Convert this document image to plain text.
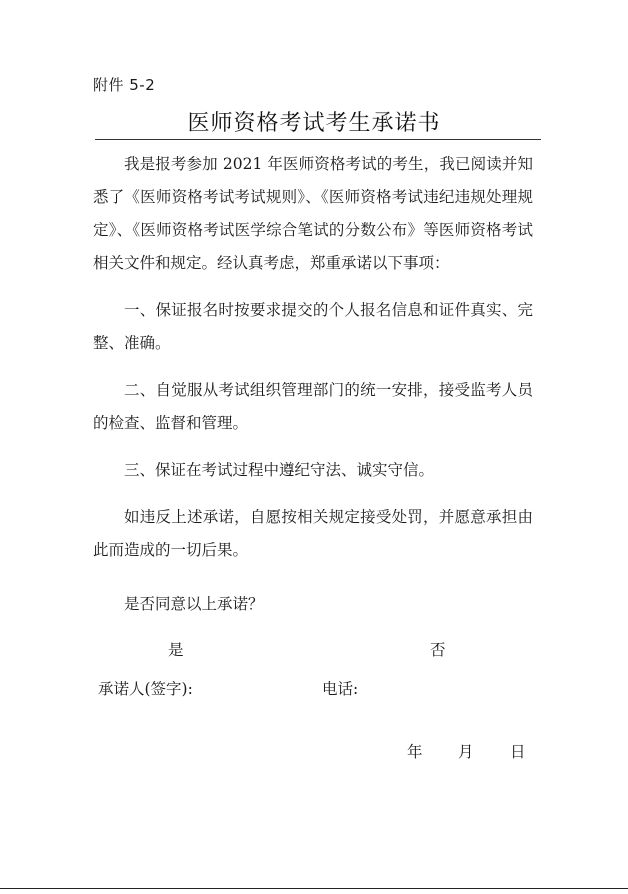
附件 5-2
医师资格考试考生承诺书

我是报考参加 2021 年医师资格考试的考生，我已阅读并知悉了《医师资格考试考试规则》、《医师资格考试违纪违规处理规定》、《医师资格考试医学综合笔试的分数公布》等医师资格考试相关文件和规定。经认真考虑，郑重承诺以下事项：

一、保证报名时按要求提交的个人报名信息和证件真实、完整、准确。

二、自觉服从考试组织管理部门的统一安排，接受监考人员的检查、监督和管理。

三、保证在考试过程中遵纪守法、诚实守信。

如违反上述承诺，自愿按相关规定接受处罚，并愿意承担由此而造成的一切后果。

是否同意以上承诺？
是	否
承诺人(签字):	电话:
年 月 日
